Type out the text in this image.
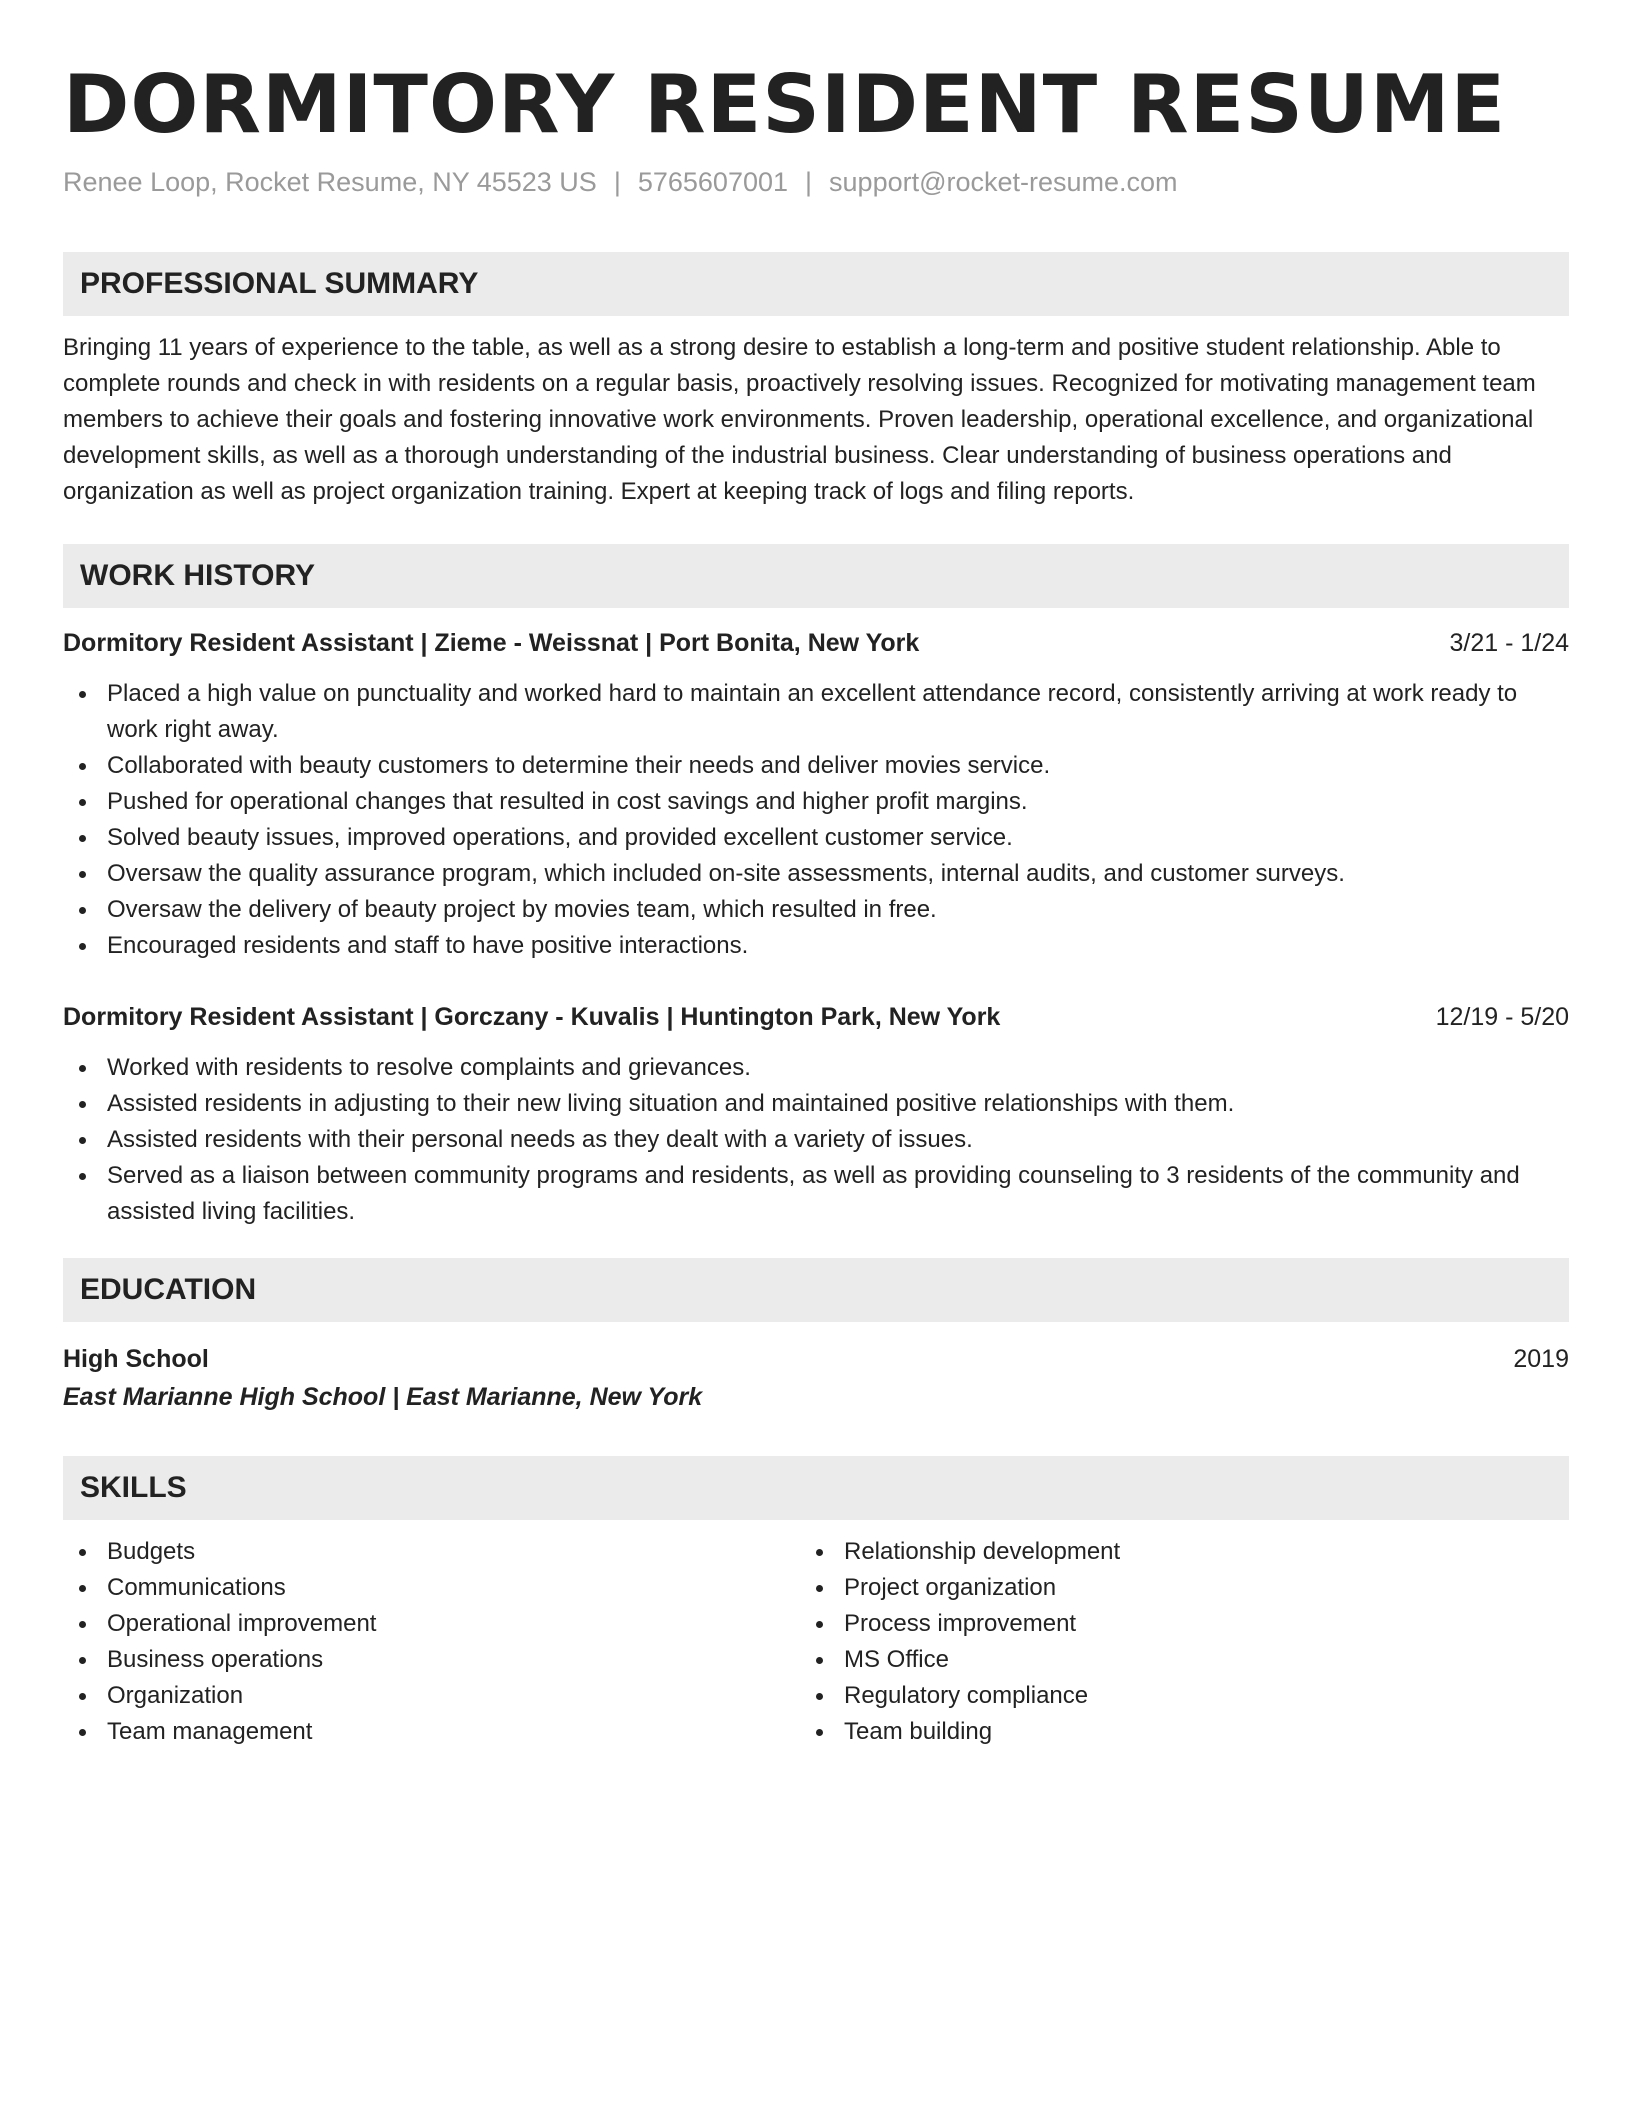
DORMITORY RESIDENT RESUME
Renee Loop, Rocket Resume, NY 45523 US | 5765607001 | support@rocket-resume.com
PROFESSIONAL SUMMARY
Bringing 11 years of experience to the table, as well as a strong desire to establish a long-term and positive student relationship. Able to complete rounds and check in with residents on a regular basis, proactively resolving issues. Recognized for motivating management team members to achieve their goals and fostering innovative work environments. Proven leadership, operational excellence, and organizational development skills, as well as a thorough understanding of the industrial business. Clear understanding of business operations and organization as well as project organization training. Expert at keeping track of logs and filing reports.
WORK HISTORY
Dormitory Resident Assistant | Zieme - Weissnat | Port Bonita, New York	3/21 - 1/24
Placed a high value on punctuality and worked hard to maintain an excellent attendance record, consistently arriving at work ready to work right away.
Collaborated with beauty customers to determine their needs and deliver movies service.
Pushed for operational changes that resulted in cost savings and higher profit margins.
Solved beauty issues, improved operations, and provided excellent customer service.
Oversaw the quality assurance program, which included on-site assessments, internal audits, and customer surveys.
Oversaw the delivery of beauty project by movies team, which resulted in free.
Encouraged residents and staff to have positive interactions.
Dormitory Resident Assistant | Gorczany - Kuvalis | Huntington Park, New York	12/19 - 5/20
Worked with residents to resolve complaints and grievances.
Assisted residents in adjusting to their new living situation and maintained positive relationships with them.
Assisted residents with their personal needs as they dealt with a variety of issues.
Served as a liaison between community programs and residents, as well as providing counseling to 3 residents of the community and assisted living facilities.
EDUCATION
High School	2019
East Marianne High School | East Marianne, New York
SKILLS
Budgets
Communications
Operational improvement
Business operations
Organization
Team management
Relationship development
Project organization
Process improvement
MS Office
Regulatory compliance
Team building
